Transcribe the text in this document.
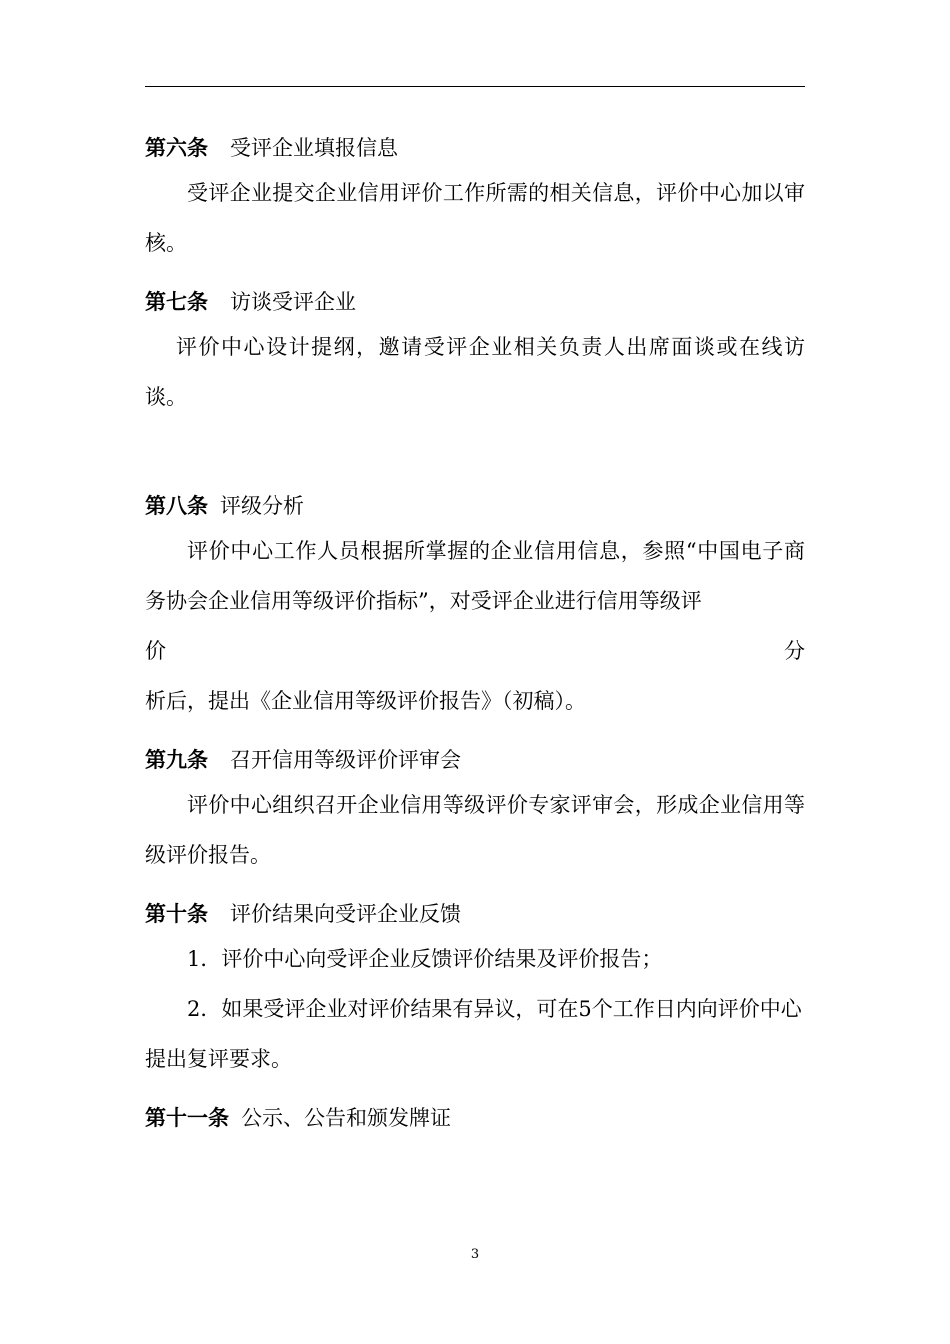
第六条 受评企业填报信息

受评企业提交企业信用评价工作所需的相关信息，评价中心加以审核。

第七条 访谈受评企业

评价中心设计提纲，邀请受评企业相关负责人出席面谈或在线访谈。

第八条 评级分析

评价中心工作人员根据所掌握的企业信用信息，参照“中国电子商务协会企业信用等级评价指标”，对受评企业进行信用等级评

价	分

析后，提出《企业信用等级评价报告》（初稿）。

第九条 召开信用等级评价评审会

评价中心组织召开企业信用等级评价专家评审会，形成企业信用等级评价报告。

第十条 评价结果向受评企业反馈

1．评价中心向受评企业反馈评价结果及评价报告；

2．如果受评企业对评价结果有异议，可在5个工作日内向评价中心提出复评要求。

第十一条 公示、公告和颁发牌证

3
